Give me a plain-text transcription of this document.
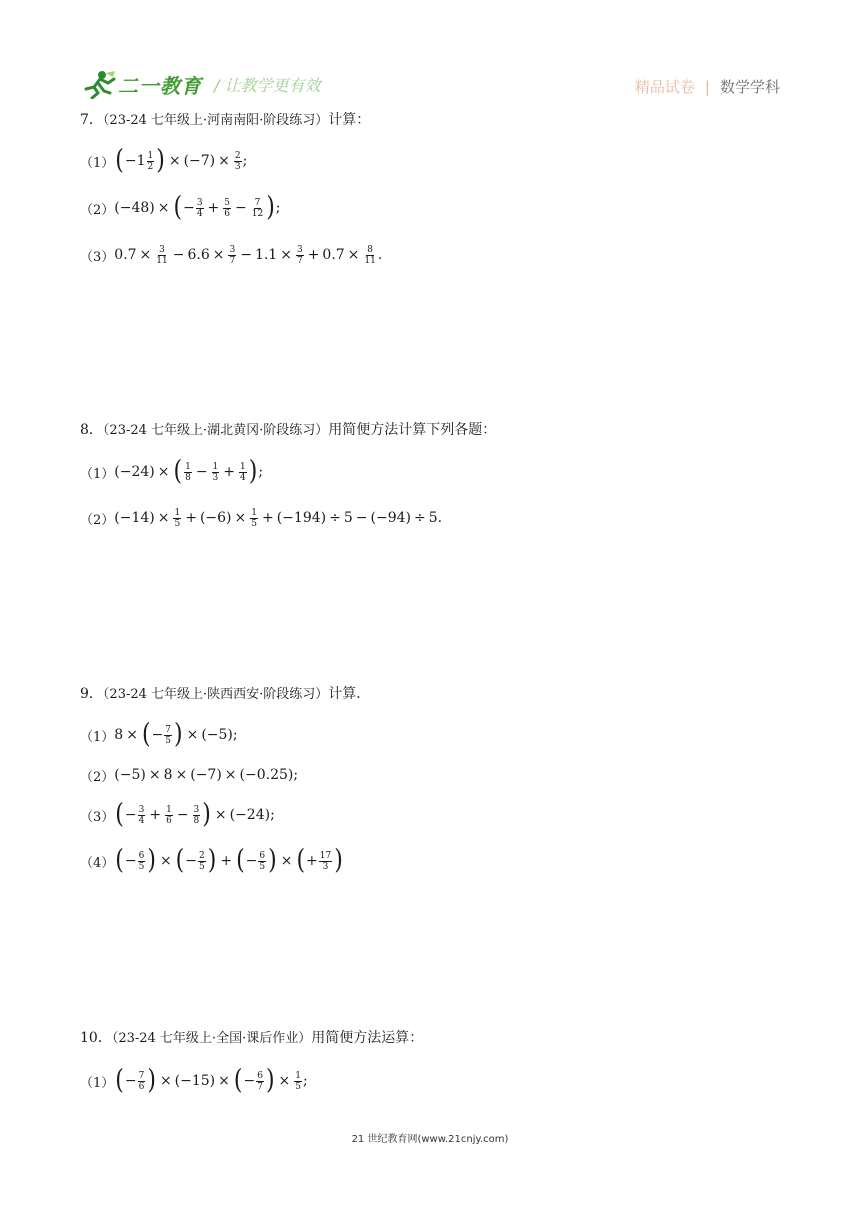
二一教育 / 让教学更有效	精品试卷 | 数学学科
7．（23-24 七年级上·河南南阳·阶段练习）计算：
（1） ( −1 1
2 ) × $(-7) \times \frac{2}{3}$ ;
（2） (−48) × ( − 3
$4 + \frac{5}{6} - \frac{7}{12}$ ) ;
（3） $0.7 \times \frac{3}{11} - 6.6 \times \frac{3}{7} - 1.1 \times \frac{3}{7} + 0.7 \times \frac{8}{11}$ .
8．（23-24 七年级上·湖北黄冈·阶段练习）用简便方法计算下列各题：
（1） (−24) × ( 1
$8 - \frac{1}{3} + \frac{1}{4}$ ) ;
（2） $(-14) \times \frac{1}{5} + (-6) \times \frac{1}{5} + (-194) \div 5 - (-94) \div 5$.
9．（23-24 七年级上·陕西西安·阶段练习）计算．
（1） 8 × ( − 7
5 ) × (−5);
（2） (−5) × 8 × (−7) × (−0.25);
（3） ( − 3
$4 + \frac{1}{6} - \frac{3}{8}$ ) × (−24);
（4） ( − 6
5 ) × ( − 2
5 ) + ( − 6
5 ) × ( + 17
3 )
10．（23-24 七年级上·全国·课后作业）用简便方法运算：
（1） ( − 7
6 ) × (−15) × ( − 6
7 ) × $\frac{1}{5}$ ;
21 世纪教育网(www.21cnjy.com)
